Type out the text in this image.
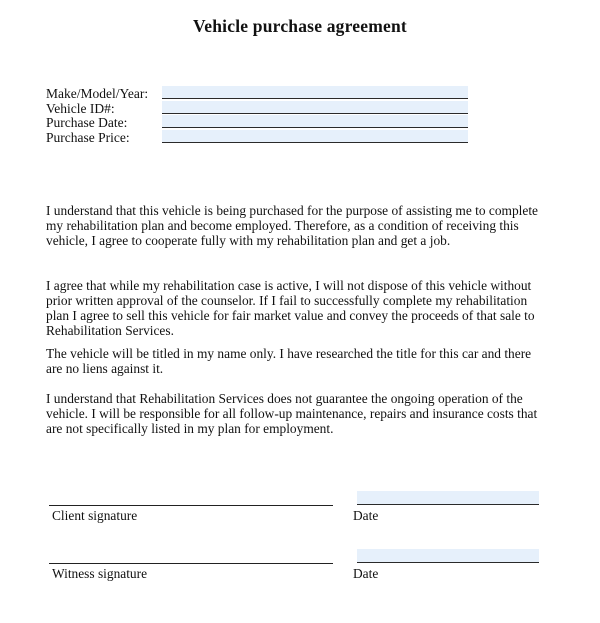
Vehicle purchase agreement
Make/Model/Year:
Vehicle ID#:
Purchase Date:
Purchase Price:

I understand that this vehicle is being purchased for the purpose of assisting me to complete my rehabilitation plan and become employed. Therefore, as a condition of receiving this vehicle, I agree to cooperate fully with my rehabilitation plan and get a job.

I agree that while my rehabilitation case is active, I will not dispose of this vehicle without prior written approval of the counselor. If I fail to successfully complete my rehabilitation plan I agree to sell this vehicle for fair market value and convey the proceeds of that sale to Rehabilitation Services.

The vehicle will be titled in my name only. I have researched the title for this car and there are no liens against it.

I understand that Rehabilitation Services does not guarantee the ongoing operation of the vehicle. I will be responsible for all follow-up maintenance, repairs and insurance costs that are not specifically listed in my plan for employment.

Client signature	Date
Witness signature	Date
